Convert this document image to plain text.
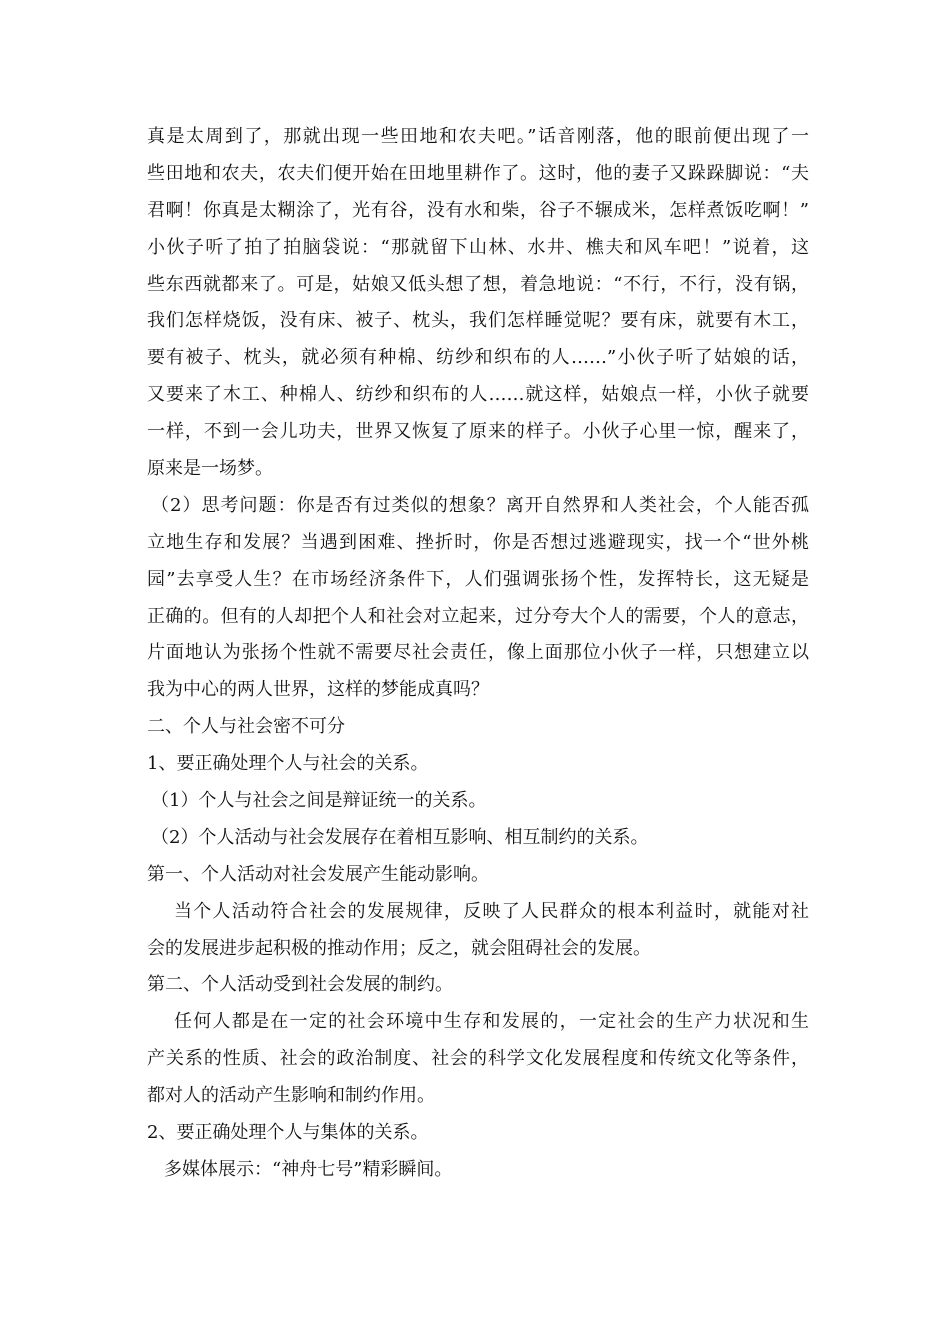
真是太周到了，那就出现一些田地和农夫吧。”话音刚落，他的眼前便出现了一
些田地和农夫，农夫们便开始在田地里耕作了。这时，他的妻子又跺跺脚说：“夫
君啊！你真是太糊涂了，光有谷，没有水和柴，谷子不辗成米，怎样煮饭吃啊！”
小伙子听了拍了拍脑袋说：“那就留下山林、水井、樵夫和风车吧！”说着，这
些东西就都来了。可是，姑娘又低头想了想，着急地说：“不行，不行，没有锅，
我们怎样烧饭，没有床、被子、枕头，我们怎样睡觉呢？要有床，就要有木工，
要有被子、枕头，就必须有种棉、纺纱和织布的人……”小伙子听了姑娘的话，
又要来了木工、种棉人、纺纱和织布的人……就这样，姑娘点一样，小伙子就要
一样，不到一会儿功夫，世界又恢复了原来的样子。小伙子心里一惊，醒来了，
原来是一场梦。
（2）思考问题：你是否有过类似的想象？离开自然界和人类社会，个人能否孤
立地生存和发展？当遇到困难、挫折时，你是否想过逃避现实，找一个“世外桃
园”去享受人生？在市场经济条件下，人们强调张扬个性，发挥特长，这无疑是
正确的。但有的人却把个人和社会对立起来，过分夸大个人的需要，个人的意志，
片面地认为张扬个性就不需要尽社会责任，像上面那位小伙子一样，只想建立以
我为中心的两人世界，这样的梦能成真吗？
二、个人与社会密不可分
1、要正确处理个人与社会的关系。
（1）个人与社会之间是辩证统一的关系。
（2）个人活动与社会发展存在着相互影响、相互制约的关系。
第一、个人活动对社会发展产生能动影响。
当个人活动符合社会的发展规律，反映了人民群众的根本利益时，就能对社
会的发展进步起积极的推动作用；反之，就会阻碍社会的发展。
第二、个人活动受到社会发展的制约。
任何人都是在一定的社会环境中生存和发展的，一定社会的生产力状况和生
产关系的性质、社会的政治制度、社会的科学文化发展程度和传统文化等条件，
都对人的活动产生影响和制约作用。
2、要正确处理个人与集体的关系。
多媒体展示：“神舟七号”精彩瞬间。
